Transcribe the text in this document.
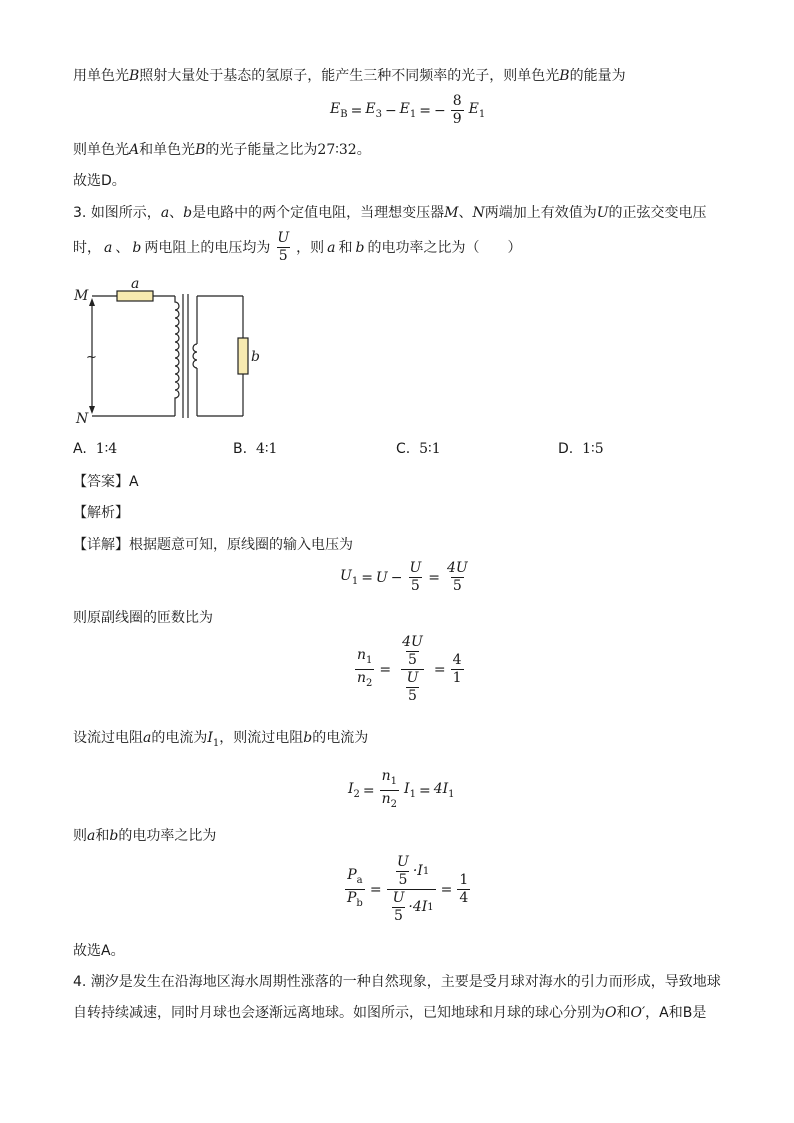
用单色光B照射大量处于基态的氢原子，能产生三种不同频率的光子，则单色光B的能量为
$E_B = E_3 - E_1$ = − $\frac{8}{9} E_1$
则单色光A和单色光B的光子能量之比为27∶32。
故选D。
3. 如图所示，a、b是电路中的两个定值电阻，当理想变压器M、N两端加上有效值为U的正弦交变电压
时， a 、 b 两电阻上的电压均为 $\frac{U}{5}$ ，则 a 和 b 的电功率之比为（　　）
M
N
a
b
~
A. 1∶4	B. 4∶1	C. 5∶1	D. 1∶5
【答案】A
【解析】
【详解】根据题意可知，原线圈的输入电压为
$U_1 = U - \frac{U}{5} = \frac{4U}{5}$
则原副线圈的匝数比为
$\frac{n_1}{n_2} = \frac{\frac{4U}{5}}{\frac{U}{5}} = \frac{4}{1}$
设流过电阻a的电流为$I_1$，则流过电阻b的电流为
$I_2 = \frac{n_1}{n_2} I_1 = 4I_1$
则a和b的电功率之比为
$\frac{P_a}{P_b} = \frac{\frac{U}{5} \cdot I 1}{\frac{U}{5} \cdot 4I 1} = \frac{1}{4}$
故选A。
4. 潮汐是发生在沿海地区海水周期性涨落的一种自然现象，主要是受月球对海水的引力而形成，导致地球
自转持续减速，同时月球也会逐渐远离地球。如图所示，已知地球和月球的球心分别为O和O′，A和B是
